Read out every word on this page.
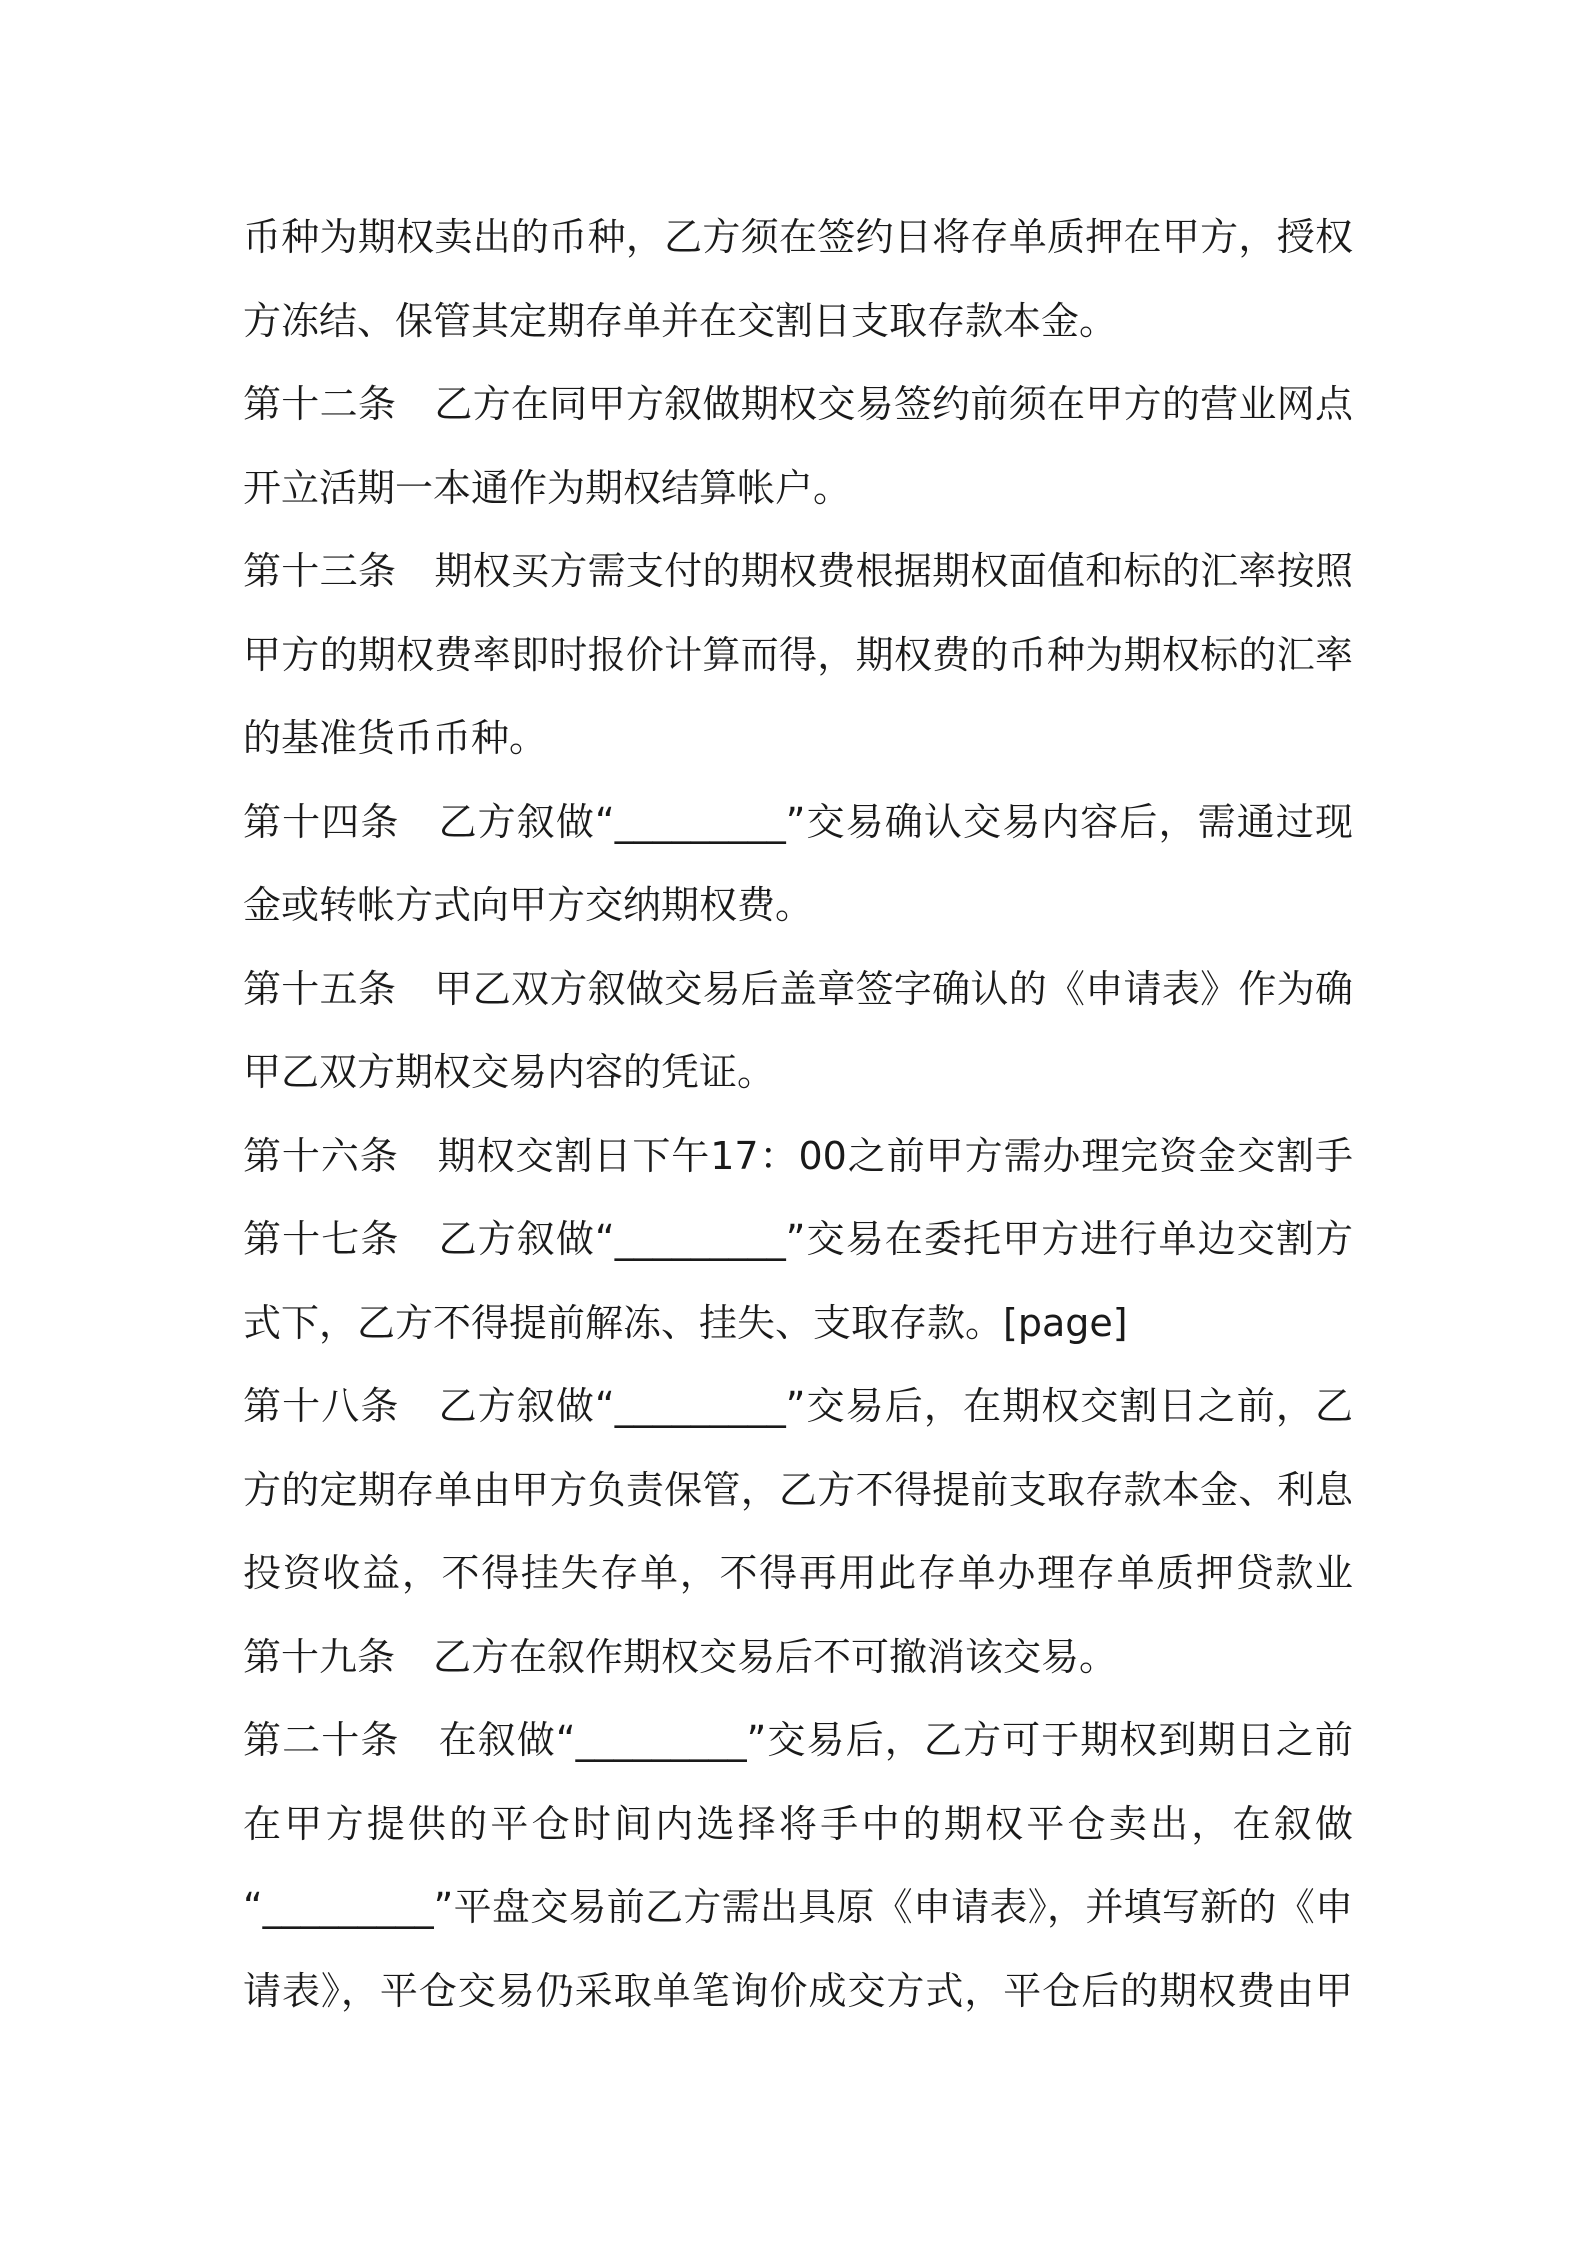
币种为期权卖出的币种，乙方须在签约日将存单质押在甲方，授权
方冻结、保管其定期存单并在交割日支取存款本金。
第十二条　乙方在同甲方叙做期权交易签约前须在甲方的营业网点
开立活期一本通作为期权结算帐户。
第十三条　期权买方需支付的期权费根据期权面值和标的汇率按照
甲方的期权费率即时报价计算而得，期权费的币种为期权标的汇率
的基准货币币种。
第十四条　乙方叙做“_________”交易确认交易内容后，需通过现
金或转帐方式向甲方交纳期权费。
第十五条　甲乙双方叙做交易后盖章签字确认的《申请表》作为确
甲乙双方期权交易内容的凭证。
第十六条　期权交割日下午17：00之前甲方需办理完资金交割手
第十七条　乙方叙做“_________”交易在委托甲方进行单边交割方
式下，乙方不得提前解冻、挂失、支取存款。[page]
第十八条　乙方叙做“_________”交易后，在期权交割日之前，乙
方的定期存单由甲方负责保管，乙方不得提前支取存款本金、利息
投资收益，不得挂失存单，不得再用此存单办理存单质押贷款业
第十九条　乙方在叙作期权交易后不可撤消该交易。
第二十条　在叙做“_________”交易后，乙方可于期权到期日之前
在甲方提供的平仓时间内选择将手中的期权平仓卖出，在叙做
“_________”平盘交易前乙方需出具原《申请表》，并填写新的《申
请表》，平仓交易仍采取单笔询价成交方式，平仓后的期权费由甲
